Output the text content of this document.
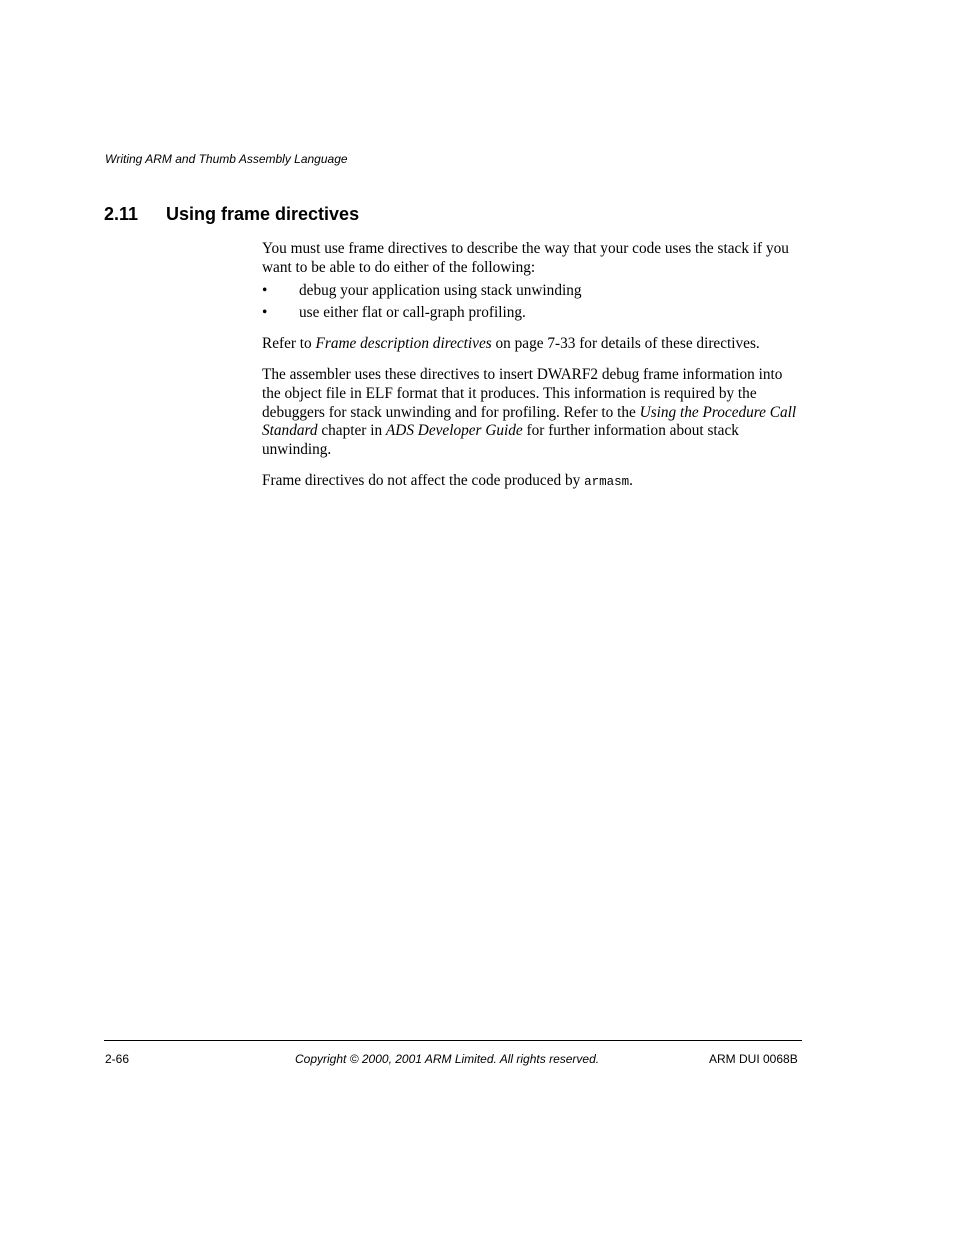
Writing ARM and Thumb Assembly Language
2.11 Using frame directives

You must use frame directives to describe the way that your code uses the stack if you want to be able to do either of the following:

• debug your application using stack unwinding
• use either flat or call-graph profiling.

Refer to Frame description directives on page 7-33 for details of these directives.

The assembler uses these directives to insert DWARF2 debug frame information into the object file in ELF format that it produces. This information is required by the debuggers for stack unwinding and for profiling. Refer to the Using the Procedure Call Standard chapter in ADS Developer Guide for further information about stack unwinding.

Frame directives do not affect the code produced by armasm.

2-66	Copyright © 2000, 2001 ARM Limited. All rights reserved.	ARM DUI 0068B
